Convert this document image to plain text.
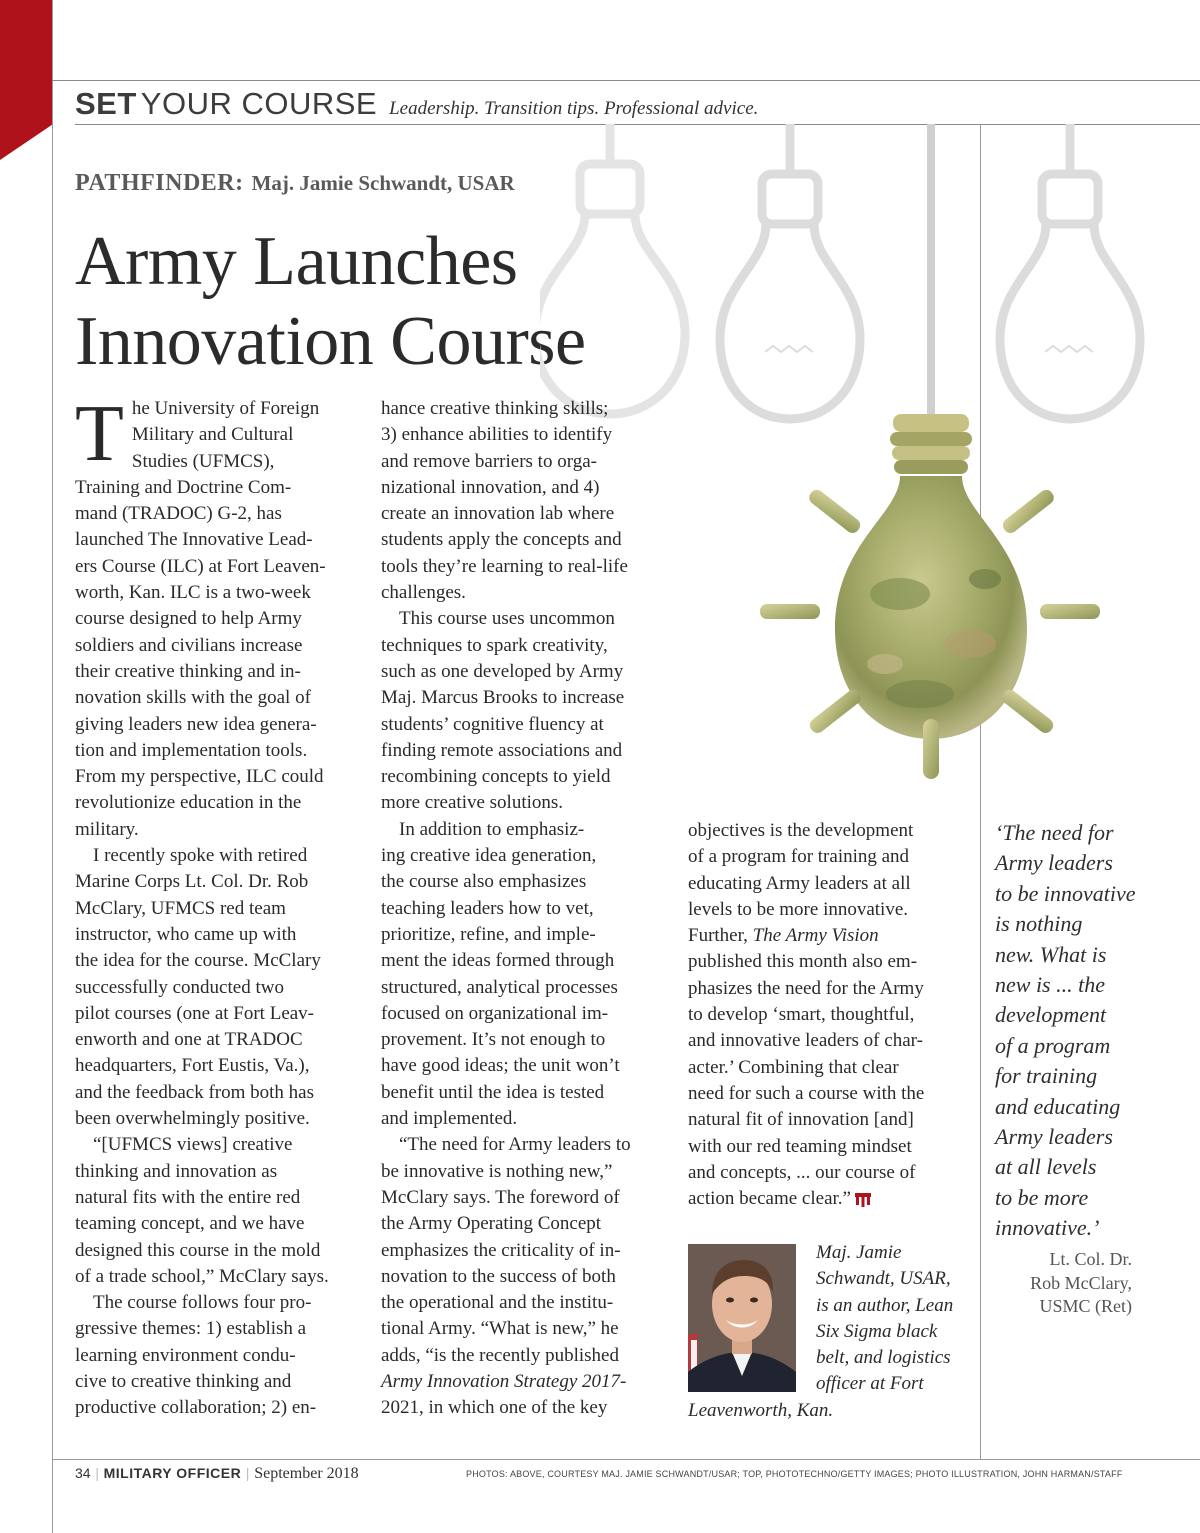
SET YOUR COURSE Leadership. Transition tips. Professional advice.
PATHFINDER: Maj. Jamie Schwandt, USAR
Army Launches
Innovation Course
T he University of Foreign
Military and Cultural
Studies (UFMCS),
Training and Doctrine Com-
mand (TRADOC) G-2, has
launched The Innovative Lead-
ers Course (ILC) at Fort Leaven-
worth, Kan. ILC is a two-week
course designed to help Army
soldiers and civilians increase
their creative thinking and in-
novation skills with the goal of
giving leaders new idea genera-
tion and implementation tools.
From my perspective, ILC could
revolutionize education in the
military.
I recently spoke with retired
Marine Corps Lt. Col. Dr. Rob
McClary, UFMCS red team
instructor, who came up with
the idea for the course. McClary
successfully conducted two
pilot courses (one at Fort Leav-
enworth and one at TRADOC
headquarters, Fort Eustis, Va.),
and the feedback from both has
been overwhelmingly positive.
“[UFMCS views] creative
thinking and innovation as
natural fits with the entire red
teaming concept, and we have
designed this course in the mold
of a trade school,” McClary says.
The course follows four pro-
gressive themes: 1) establish a
learning environment condu-
cive to creative thinking and
productive collaboration; 2) en-
hance creative thinking skills;
3) enhance abilities to identify
and remove barriers to orga-
nizational innovation, and 4)
create an innovation lab where
students apply the concepts and
tools they’re learning to real-life
challenges.
This course uses uncommon
techniques to spark creativity,
such as one developed by Army
Maj. Marcus Brooks to increase
students’ cognitive fluency at
finding remote associations and
recombining concepts to yield
more creative solutions.
In addition to emphasiz-
ing creative idea generation,
the course also emphasizes
teaching leaders how to vet,
prioritize, refine, and imple-
ment the ideas formed through
structured, analytical processes
focused on organizational im-
provement. It’s not enough to
have good ideas; the unit won’t
benefit until the idea is tested
and implemented.
“The need for Army leaders to
be innovative is nothing new,”
McClary says. The foreword of
the Army Operating Concept
emphasizes the criticality of in-
novation to the success of both
the operational and the institu-
tional Army. “What is new,” he
adds, “is the recently published
Army Innovation Strategy 2017-
2021, in which one of the key
objectives is the development
of a program for training and
educating Army leaders at all
levels to be more innovative.
Further, The Army Vision
published this month also em-
phasizes the need for the Army
to develop ‘smart, thoughtful,
and innovative leaders of char-
acter.’ Combining that clear
need for such a course with the
natural fit of innovation [and]
with our red teaming mindset
and concepts, ... our course of
action became clear.”
Maj. Jamie
Schwandt, USAR,
is an author, Lean
Six Sigma black
belt, and logistics
officer at Fort
Leavenworth, Kan.
‘The need for
Army leaders
to be innovative
is nothing
new. What is
new is ... the
development
of a program
for training
and educating
Army leaders
at all levels
to be more
innovative.’
Lt. Col. Dr.
Rob McClary,
USMC (Ret)
34 | MILITARY OFFICER | September 2018	PHOTOS: ABOVE, COURTESY MAJ. JAMIE SCHWANDT/USAR; TOP, PHOTOTECHNO/GETTY IMAGES; PHOTO ILLUSTRATION, JOHN HARMAN/STAFF
